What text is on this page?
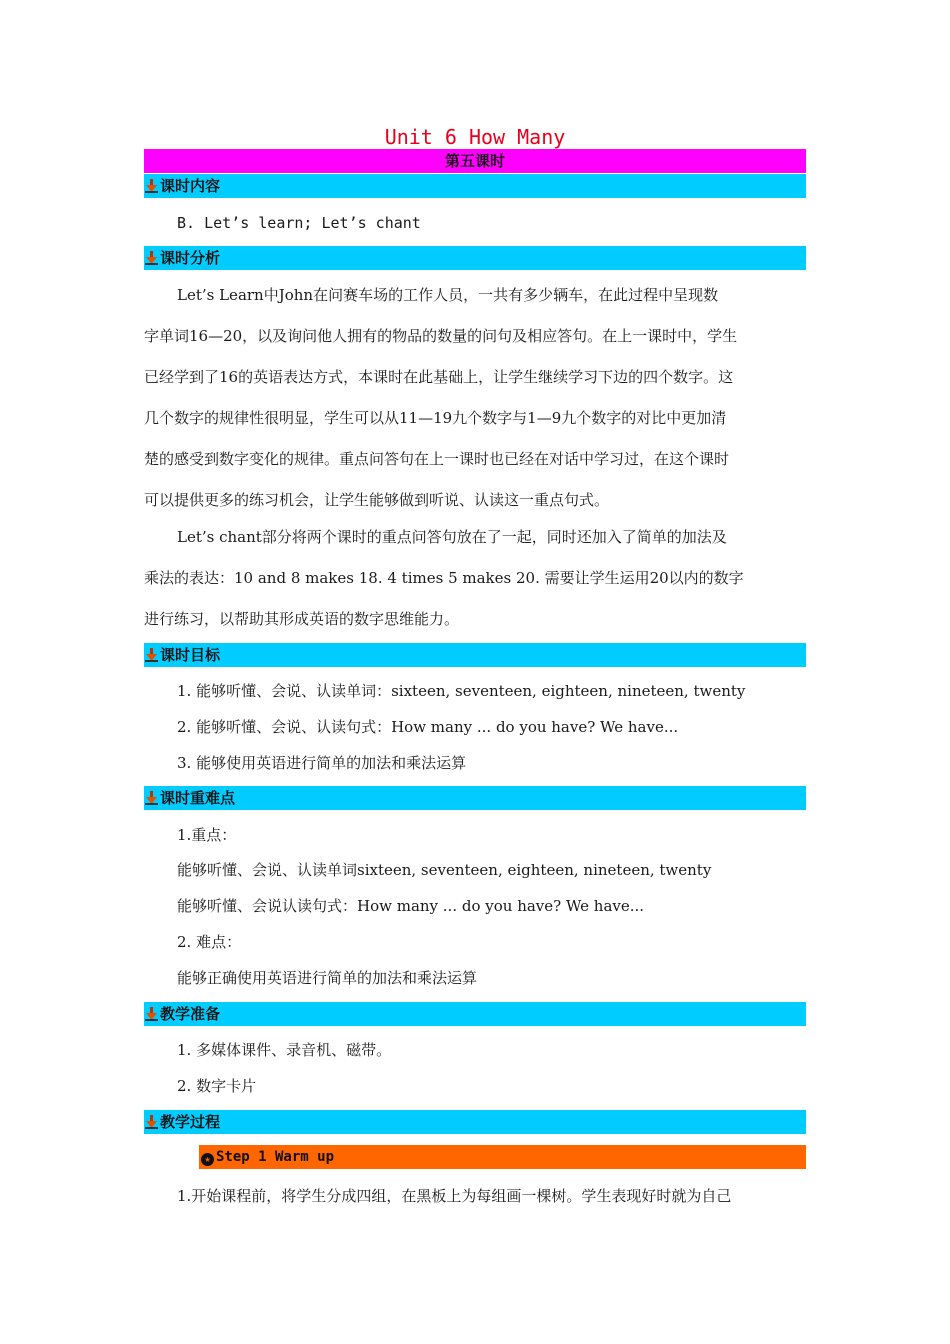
Unit 6 How Many
第五课时
课时内容
B. Let’s learn; Let’s chant
课时分析
Let’s Learn中John在问赛车场的工作人员，一共有多少辆车，在此过程中呈现数
字单词16—20，以及询问他人拥有的物品的数量的问句及相应答句。在上一课时中，学生
已经学到了16的英语表达方式，本课时在此基础上，让学生继续学习下边的四个数字。这
几个数字的规律性很明显，学生可以从11—19九个数字与1—9九个数字的对比中更加清
楚的感受到数字变化的规律。重点问答句在上一课时也已经在对话中学习过，在这个课时
可以提供更多的练习机会，让学生能够做到听说、认读这一重点句式。
Let’s chant部分将两个课时的重点问答句放在了一起，同时还加入了简单的加法及
乘法的表达：10 and 8 makes 18. 4 times 5 makes 20. 需要让学生运用20以内的数字
进行练习，以帮助其形成英语的数字思维能力。
课时目标
1. 能够听懂、会说、认读单词：sixteen, seventeen, eighteen, nineteen, twenty
2. 能够听懂、会说、认读句式：How many ... do you have? We have...
3. 能够使用英语进行简单的加法和乘法运算
课时重难点
1.重点：
能够听懂、会说、认读单词sixteen, seventeen, eighteen, nineteen, twenty
能够听懂、会说认读句式：How many ... do you have? We have...
2. 难点：
能够正确使用英语进行简单的加法和乘法运算
教学准备
1. 多媒体课件、录音机、磁带。
2. 数字卡片
教学过程
★ Step 1 Warm up
1.开始课程前，将学生分成四组，在黑板上为每组画一棵树。学生表现好时就为自己
